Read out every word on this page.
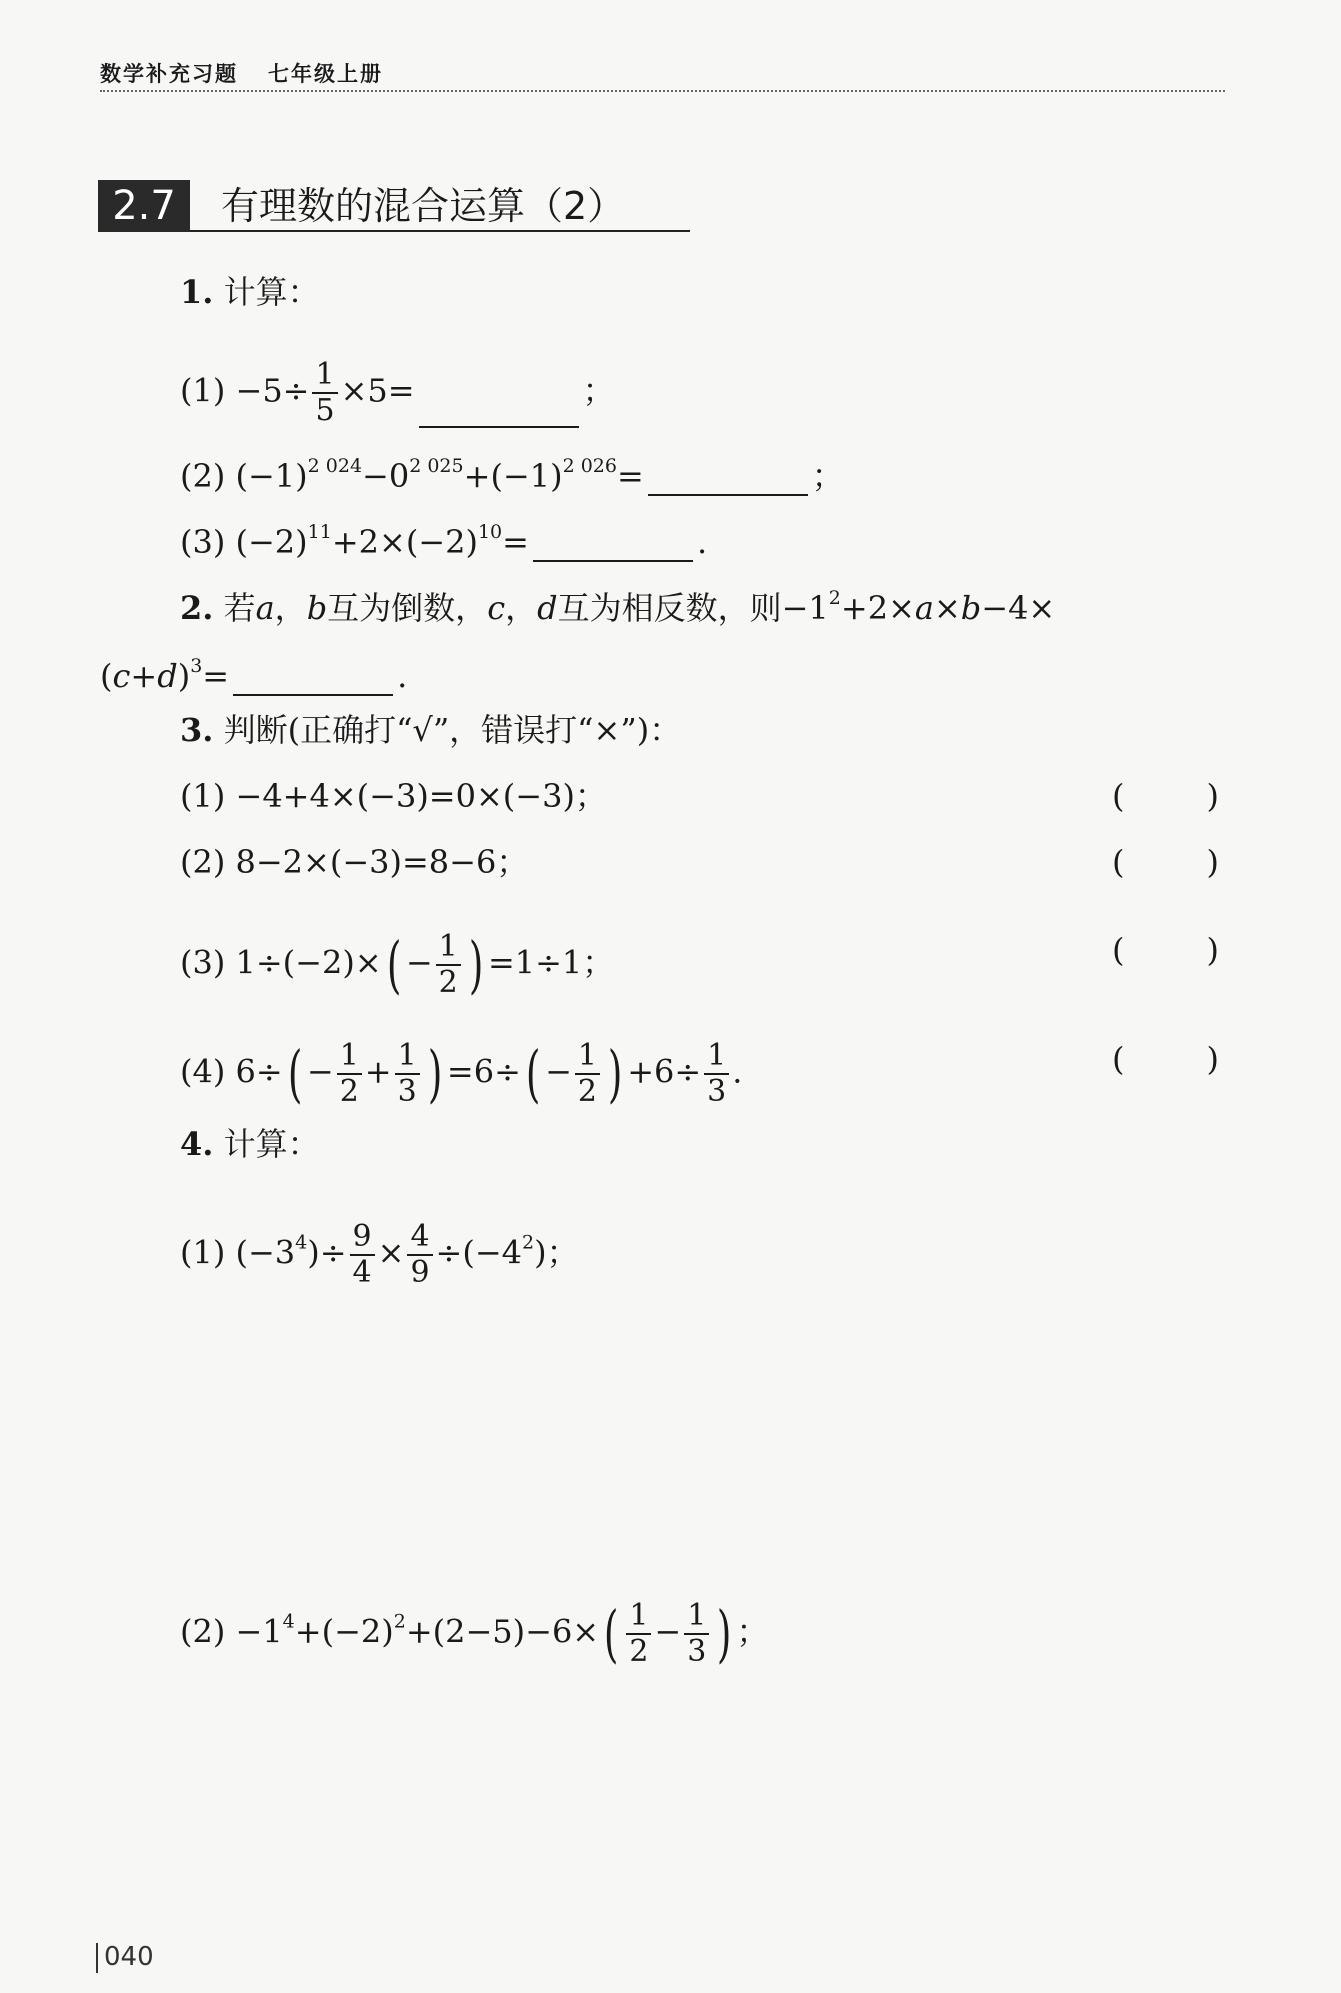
数学补充习题 七年级上册
2.7	有理数的混合运算（2）
1. 计算：
$(1) -5\div \frac{1}{5} \times 5=$	；
(2) $(-1)^{2 024}-0^{2 025}+(-1)^{2 026}=$	；
(3) $(-2)^{11}+2\times(-2)^{10}=$	.
2. 若a，b互为倒数，c，d互为相反数，则$-1^2+2\times a\times b-4\times$
$(c+d)^3=$	.
3. 判断(正确打“√”，错误打“×”)：
(1) −4+4×(−3)=0×(−3)；	(	)
(2) 8−2×(−3)=8−6；	(	)
(3) $1\div(-2)\times( - \frac{1}{2}$ ) =1÷1；	(	)
(4) $6\div( - \frac{1}{2} + \frac{1}{3}$ ) $=6\div( - \frac{1}{2}$ ) $+6\div \frac{1}{3}$ .	(	)
4. 计算：
(1) $(-3^4)\div \frac{9}{4} \times \frac{4}{9} \div(-4^2)$；
$(2) -1^4+(-2)^2+(2-5)-6\times( \frac{1}{2} - \frac{1}{3}$ ) ；
040
